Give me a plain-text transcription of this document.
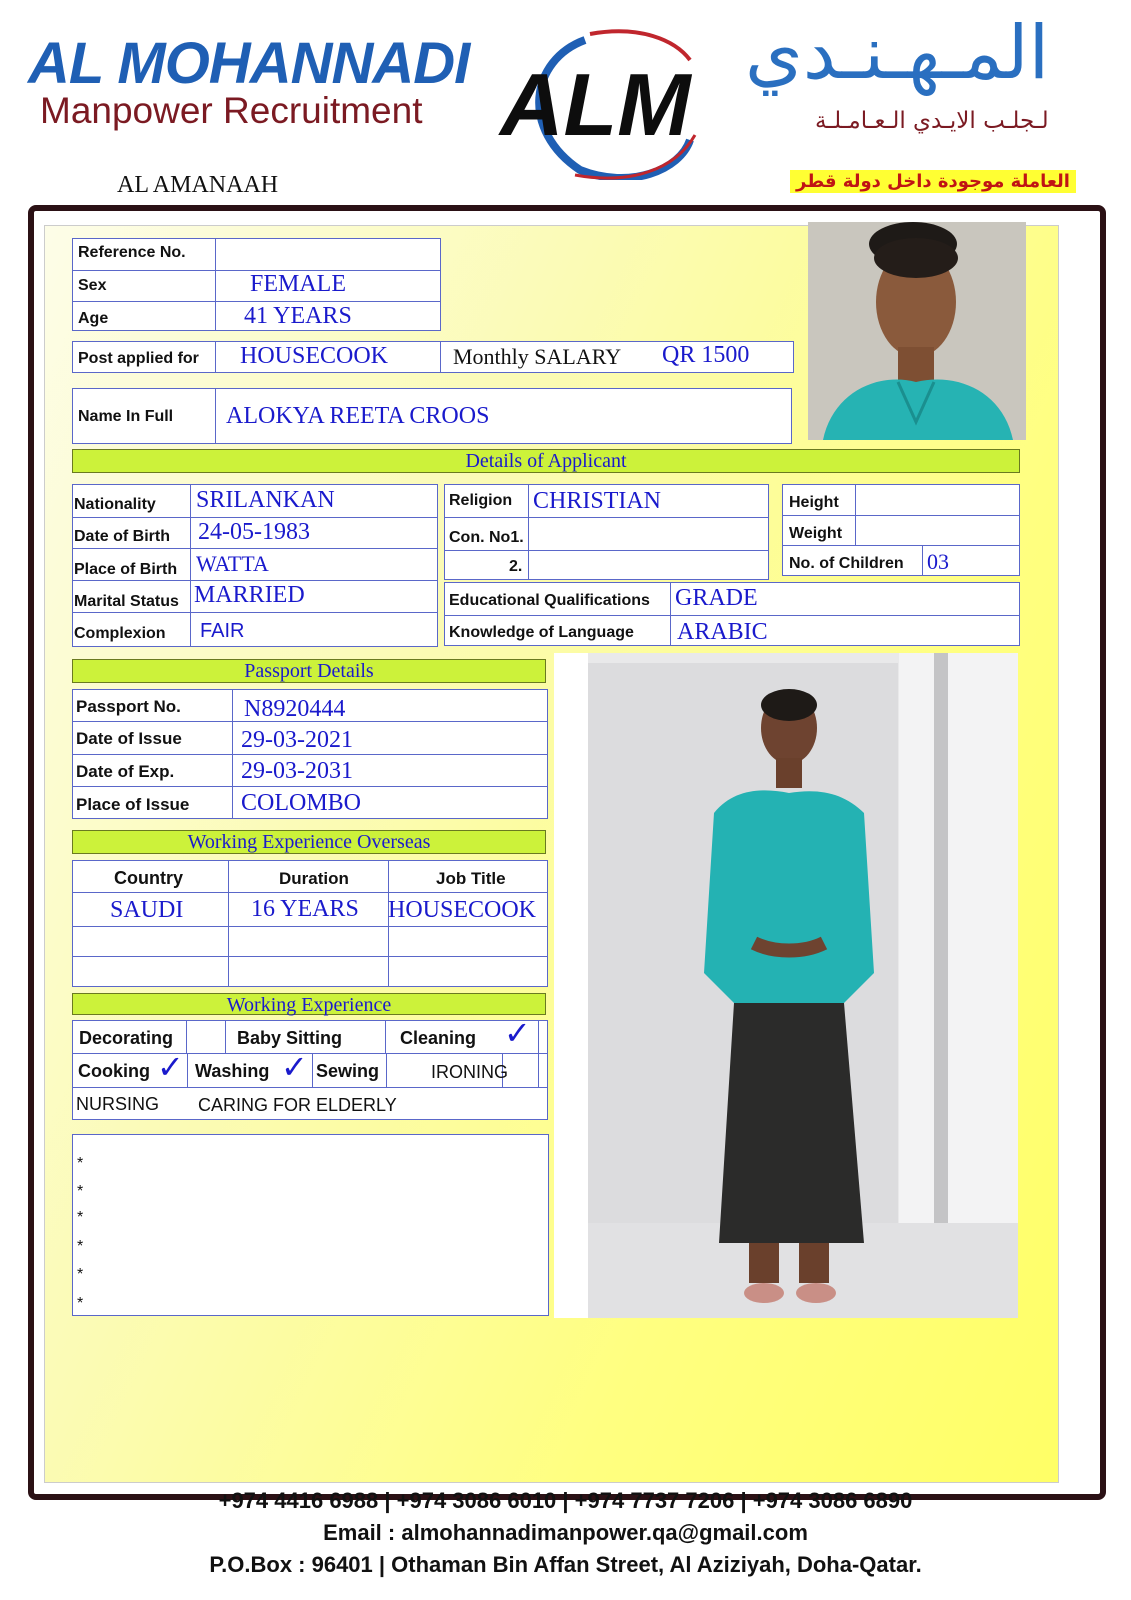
AL MOHANNADI
Manpower Recruitment ALM
المـهـنـدي
لـجلـب الايـدي الـعـامـلـة
AL AMANAAH	العاملة موجودة داخل دولة قطر
Reference No.
Sex	FEMALE
Age	41 YEARS
Post applied for HOUSECOOK	Monthly SALARY QR 1500
Name In Full ALOKYA REETA CROOS
Details of Applicant
Nationality SRILANKAN
Date of Birth 24-05-1983
Place of Birth WATTA
Marital Status MARRIED
Complexion FAIR
Religion CHRISTIAN
Con. No1.
2.
Height
Weight
No. of Children 03
Educational Qualifications GRADE
Knowledge of Language ARABIC
Passport Details
Passport No.	N8920444
Date of Issue 29-03-2021
Date of Exp.	29-03-2031
Place of Issue COLOMBO
Working Experience Overseas
Country	Duration	Job Title
SAUDI	16 YEARS HOUSECOOK
Working Experience
Decorating	Baby Sitting	Cleaning ✓
Cooking ✓ Washing ✓ Sewing	IRONING
NURSING CARING FOR ELDERLY
*
*
*
*
*
*
+974 4416 6988 | +974 3086 6010 | +974 7737 7206 | +974 3086 6890
Email : almohannadimanpower.qa@gmail.com
P.O.Box : 96401 | Othaman Bin Affan Street, Al Aziziyah, Doha-Qatar.
